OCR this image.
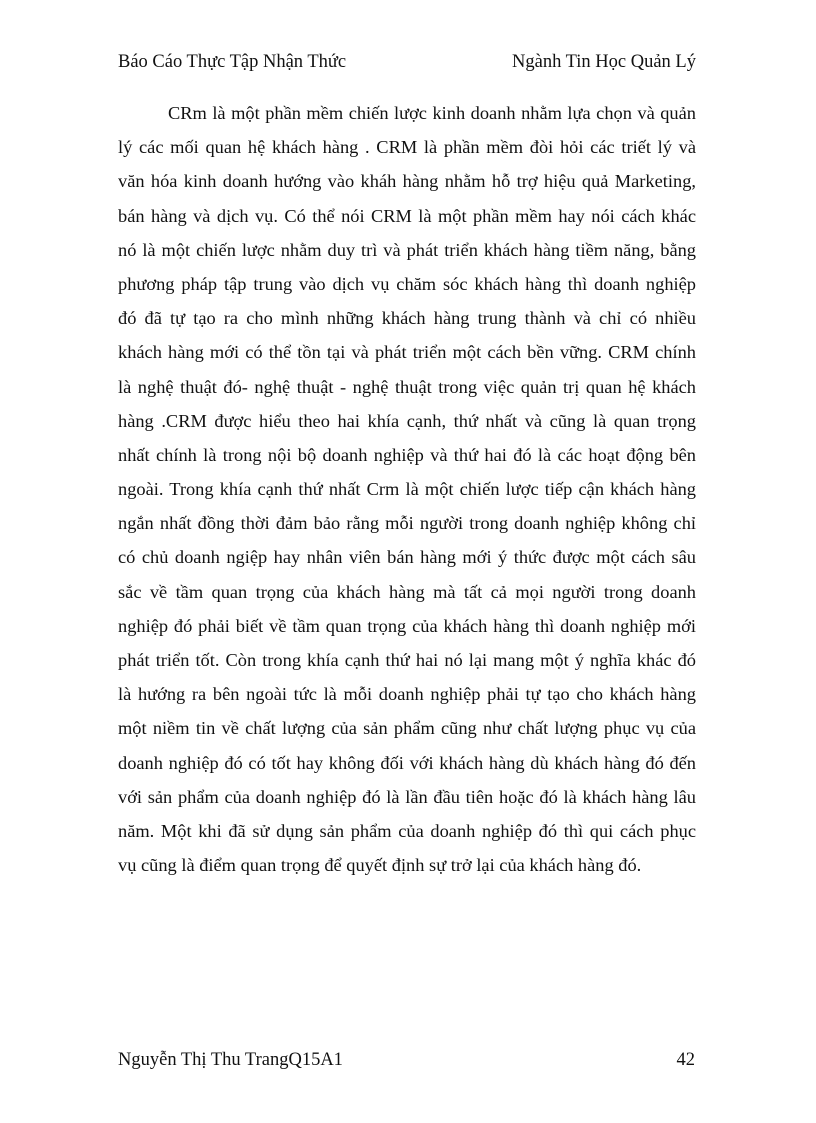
Báo Cáo Thực Tập Nhận Thức	Ngành Tin Học Quản Lý
CRm là một phần mềm chiến lược kinh doanh nhằm lựa chọn và quản
lý các mối quan hệ khách hàng . CRM là phần mềm đòi hỏi các triết lý và
văn hóa kinh doanh hướng vào kháh hàng nhằm hỗ trợ hiệu quả Marketing,
bán hàng và dịch vụ. Có thể nói CRM là một phần mềm hay nói cách khác
nó là một chiến lược nhằm duy trì và phát triển khách hàng tiềm năng, bằng
phương pháp tập trung vào dịch vụ chăm sóc khách hàng thì doanh nghiệp
đó đã tự tạo ra cho mình những khách hàng trung thành và chỉ có nhiều
khách hàng mới có thể tồn tại và phát triển một cách bền vững. CRM chính
là nghệ thuật đó- nghệ thuật - nghệ thuật trong việc quản trị quan hệ khách
hàng .CRM được hiểu theo hai khía cạnh, thứ nhất và cũng là quan trọng
nhất chính là trong nội bộ doanh nghiệp và thứ hai đó là các hoạt động bên
ngoài. Trong khía cạnh thứ nhất Crm là một chiến lược tiếp cận khách hàng
ngắn nhất đồng thời đảm bảo rằng mỗi người trong doanh nghiệp không chỉ
có chủ doanh ngiệp hay nhân viên bán hàng mới ý thức được một cách sâu
sắc về tầm quan trọng của khách hàng mà tất cả mọi người trong doanh
nghiệp đó phải biết về tầm quan trọng của khách hàng thì doanh nghiệp mới
phát triển tốt. Còn trong khía cạnh thứ hai nó lại mang một ý nghĩa khác đó
là hướng ra bên ngoài tức là mỗi doanh nghiệp phải tự tạo cho khách hàng
một niềm tin về chất lượng của sản phẩm cũng như chất lượng phục vụ của
doanh nghiệp đó có tốt hay không đối với khách hàng dù khách hàng đó đến
với sản phẩm của doanh nghiệp đó là lần đầu tiên hoặc đó là khách hàng lâu
năm. Một khi đã sử dụng sản phẩm của doanh nghiệp đó thì qui cách phục
vụ cũng là điểm quan trọng để quyết định sự trở lại của khách hàng đó.
Nguyễn Thị Thu TrangQ15A1	42
